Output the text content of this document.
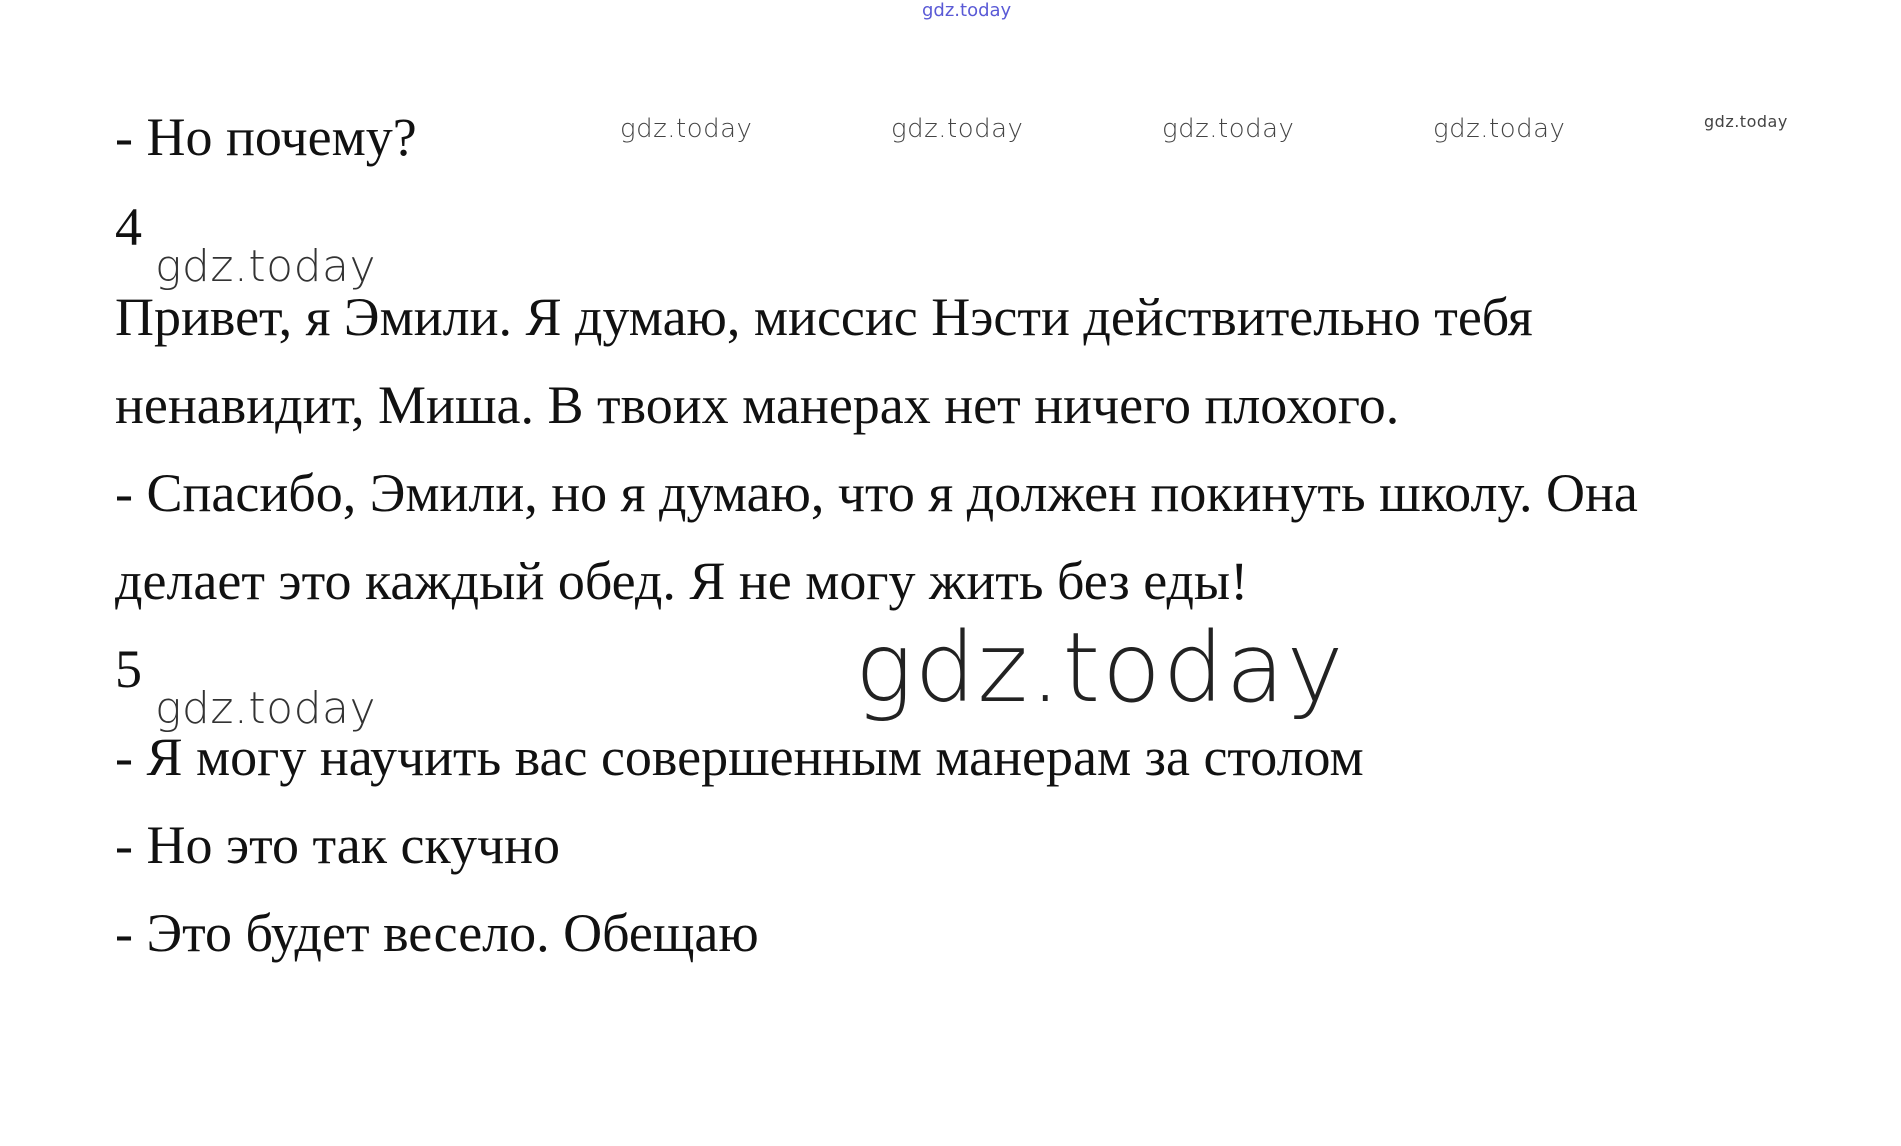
gdz.today
gdz.today	gdz.today	gdz.today	gdz.today	gdz.today
- Но почему?
4
gdz.today
Привет, я Эмили. Я думаю, миссис Нэсти действительно тебя
ненавидит, Миша. В твоих манерах нет ничего плохого.
- Спасибо, Эмили, но я думаю, что я должен покинуть школу. Она
делает это каждый обед. Я не могу жить без еды!
5	gdz.today
gdz.today
- Я могу научить вас совершенным манерам за столом
- Но это так скучно
- Это будет весело. Обещаю
